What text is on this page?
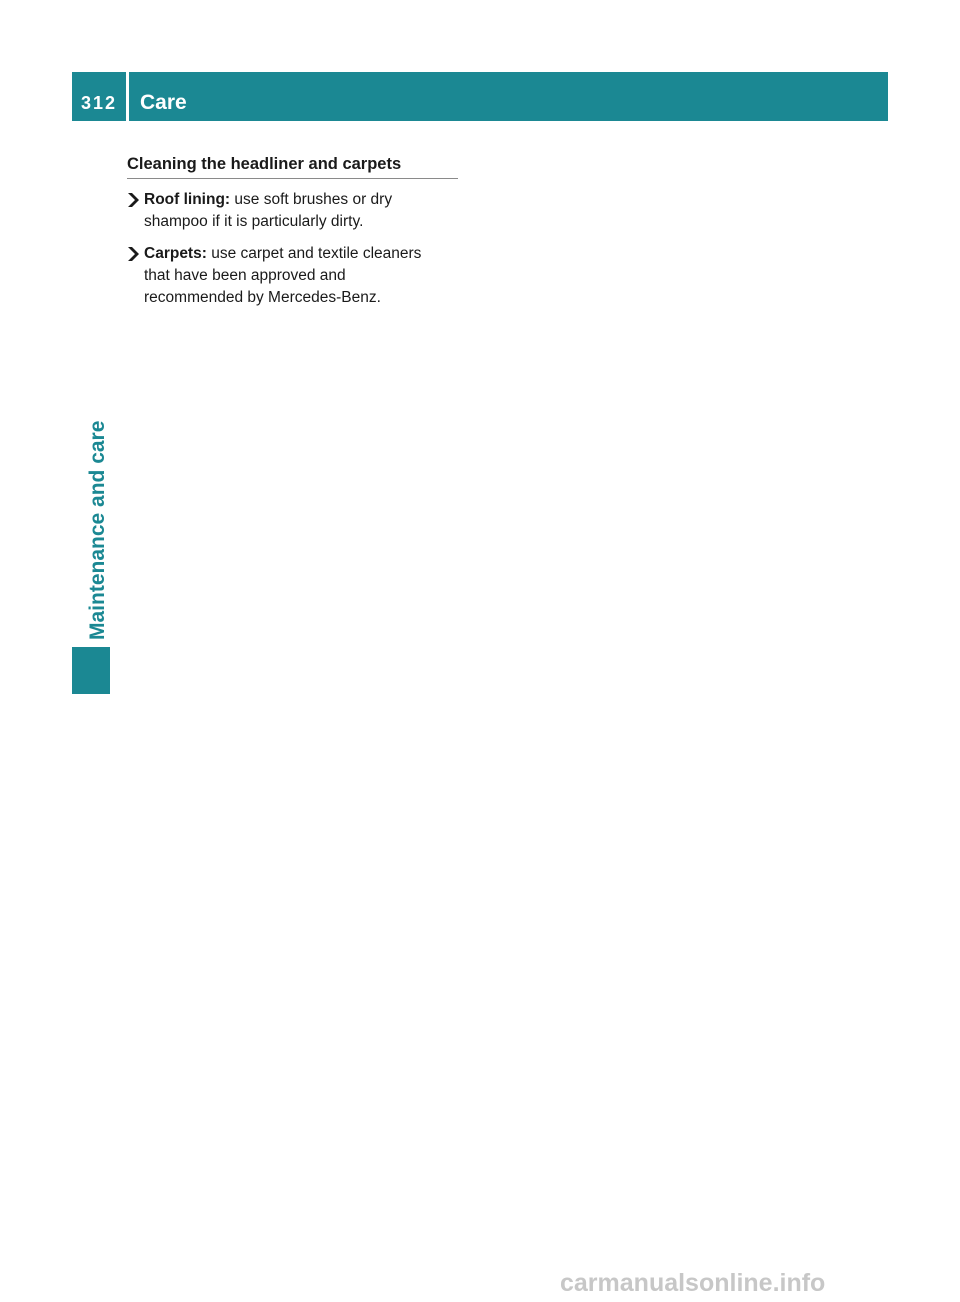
312	Care
Maintenance and care
Cleaning the headliner and carpets

Roof lining: use soft brushes or dry
shampoo if it is particularly dirty.

Carpets: use carpet and textile cleaners
that have been approved and
recommended by Mercedes-Benz.

carmanualsonline.info
